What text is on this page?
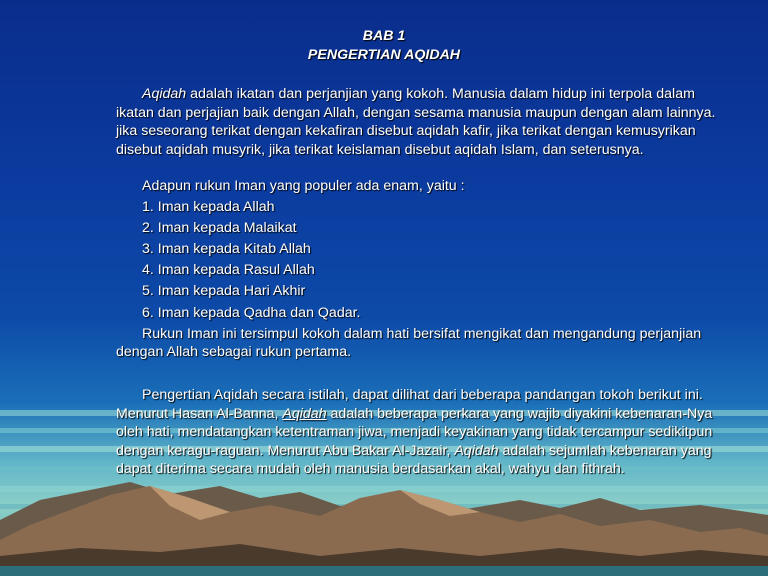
BAB 1
PENGERTIAN AQIDAH

Aqidah adalah ikatan dan perjanjian yang kokoh. Manusia dalam hidup ini terpola dalam ikatan dan perjajian baik dengan Allah, dengan sesama manusia maupun dengan alam lainnya. jika seseorang terikat dengan kekafiran disebut aqidah kafir, jika terikat dengan kemusyrikan disebut aqidah musyrik, jika terikat keislaman disebut aqidah Islam, dan seterusnya.

Adapun rukun Iman yang populer ada enam, yaitu :

1. Iman kepada Allah

2. Iman kepada Malaikat

3. Iman kepada Kitab Allah

4. Iman kepada Rasul Allah

5. Iman kepada Hari Akhir

6. Iman kepada Qadha dan Qadar.

Rukun Iman ini tersimpul kokoh dalam hati bersifat mengikat dan mengandung perjanjian dengan Allah sebagai rukun pertama.

Pengertian Aqidah secara istilah, dapat dilihat dari beberapa pandangan tokoh berikut ini. Menurut Hasan Al-Banna, Aqidah adalah beberapa perkara yang wajib diyakini kebenaran-Nya oleh hati, mendatangkan ketentraman jiwa, menjadi keyakinan yang tidak tercampur sedikitpun dengan keragu-raguan. Menurut Abu Bakar Al-Jazair, Aqidah adalah sejumlah kebenaran yang dapat diterima secara mudah oleh manusia berdasarkan akal, wahyu dan fithrah.
